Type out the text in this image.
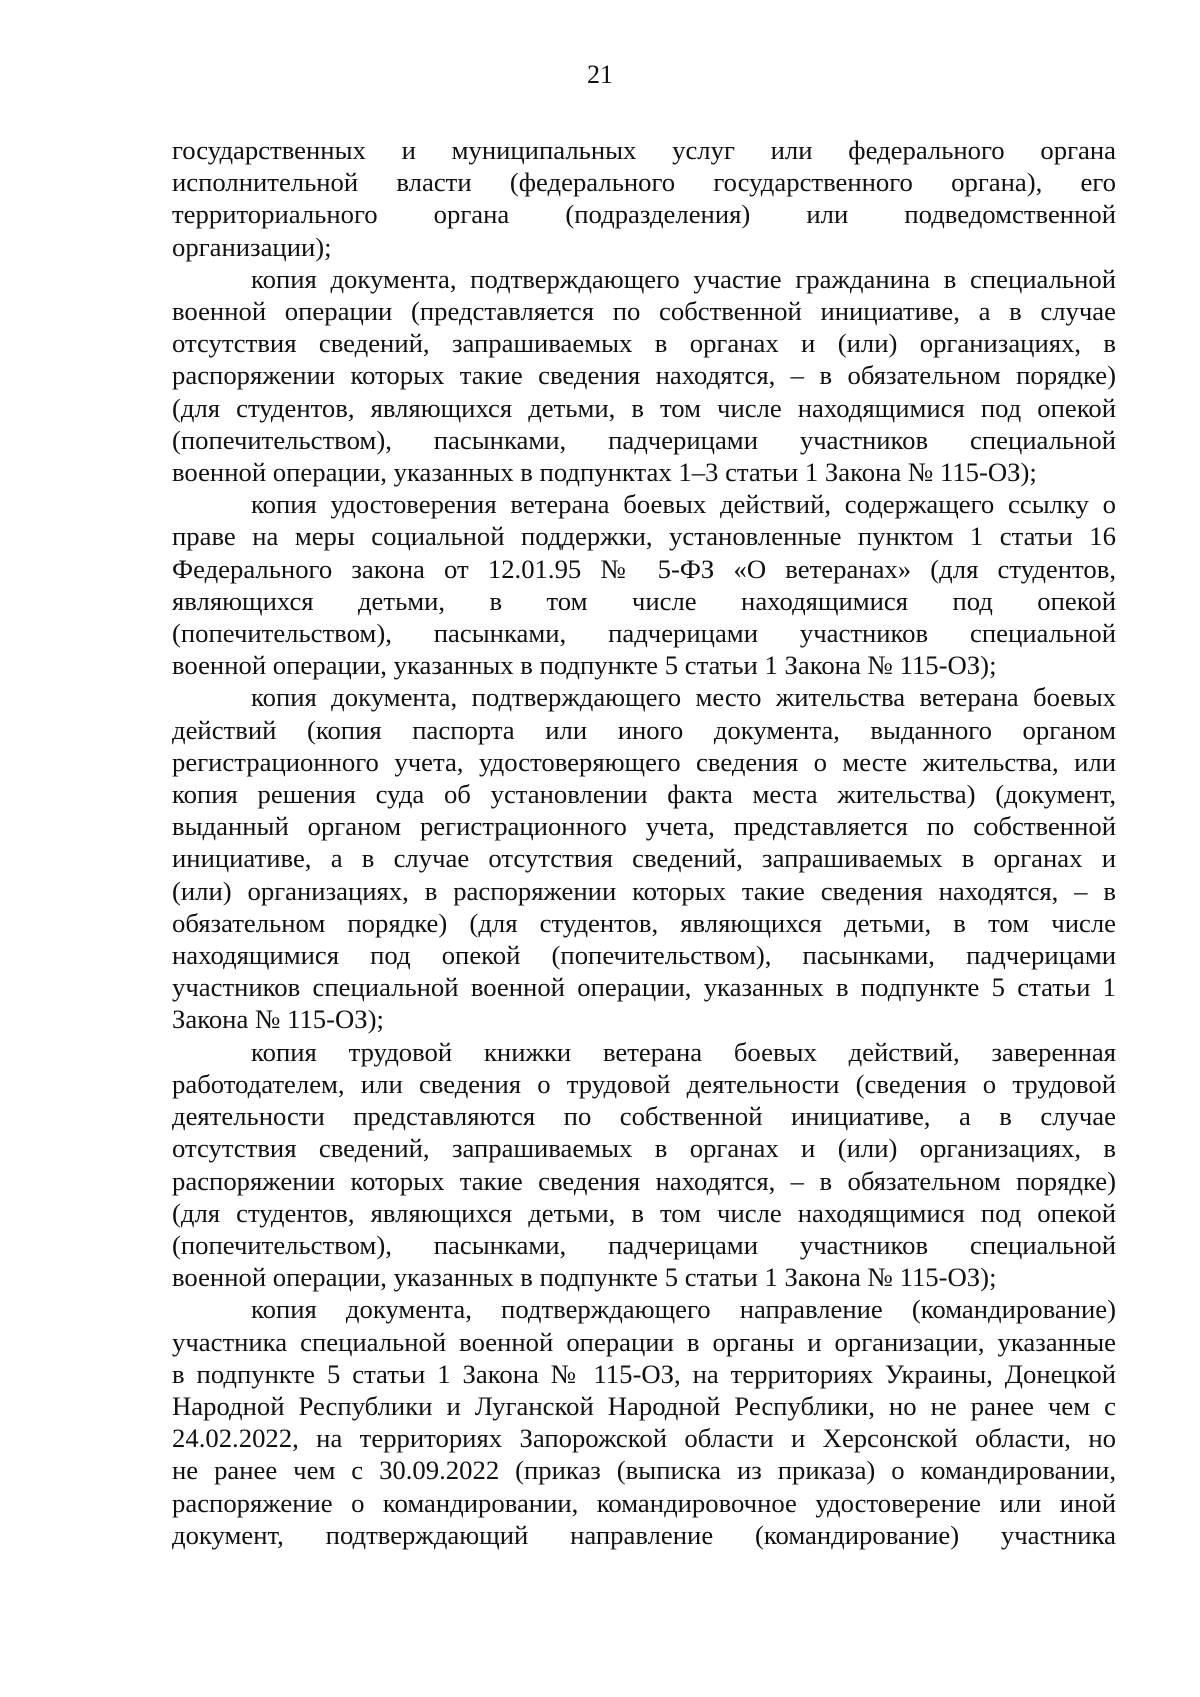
21
государственных и муниципальных услуг или федерального органа
исполнительной власти (федерального государственного органа), его
территориального органа (подразделения) или подведомственной
организации);
копия документа, подтверждающего участие гражданина в специальной
военной операции (представляется по собственной инициативе, а в случае
отсутствия сведений, запрашиваемых в органах и (или) организациях, в
распоряжении которых такие сведения находятся, – в обязательном порядке)
(для студентов, являющихся детьми, в том числе находящимися под опекой
(попечительством), пасынками, падчерицами участников специальной
военной операции, указанных в подпунктах 1–3 статьи 1 Закона № 115-ОЗ);
копия удостоверения ветерана боевых действий, содержащего ссылку о
праве на меры социальной поддержки, установленные пунктом 1 статьи 16
Федерального закона от 12.01.95 № 5-ФЗ «О ветеранах» (для студентов,
являющихся детьми, в том числе находящимися под опекой
(попечительством), пасынками, падчерицами участников специальной
военной операции, указанных в подпункте 5 статьи 1 Закона № 115-ОЗ);
копия документа, подтверждающего место жительства ветерана боевых
действий (копия паспорта или иного документа, выданного органом
регистрационного учета, удостоверяющего сведения о месте жительства, или
копия решения суда об установлении факта места жительства) (документ,
выданный органом регистрационного учета, представляется по собственной
инициативе, а в случае отсутствия сведений, запрашиваемых в органах и
(или) организациях, в распоряжении которых такие сведения находятся, – в
обязательном порядке) (для студентов, являющихся детьми, в том числе
находящимися под опекой (попечительством), пасынками, падчерицами
участников специальной военной операции, указанных в подпункте 5 статьи 1
Закона № 115-ОЗ);
копия трудовой книжки ветерана боевых действий, заверенная
работодателем, или сведения о трудовой деятельности (сведения о трудовой
деятельности представляются по собственной инициативе, а в случае
отсутствия сведений, запрашиваемых в органах и (или) организациях, в
распоряжении которых такие сведения находятся, – в обязательном порядке)
(для студентов, являющихся детьми, в том числе находящимися под опекой
(попечительством), пасынками, падчерицами участников специальной
военной операции, указанных в подпункте 5 статьи 1 Закона № 115-ОЗ);
копия документа, подтверждающего направление (командирование)
участника специальной военной операции в органы и организации, указанные
в подпункте 5 статьи 1 Закона № 115-ОЗ, на территориях Украины, Донецкой
Народной Республики и Луганской Народной Республики, но не ранее чем с
24.02.2022, на территориях Запорожской области и Херсонской области, но
не ранее чем с 30.09.2022 (приказ (выписка из приказа) о командировании,
распоряжение о командировании, командировочное удостоверение или иной
документ, подтверждающий направление (командирование) участника
